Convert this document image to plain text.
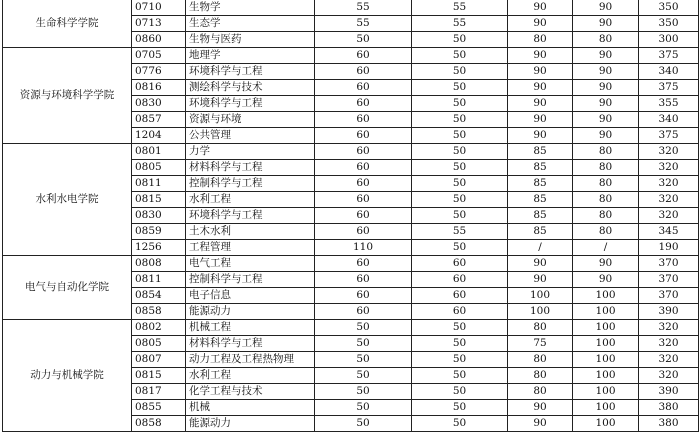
生命科学学院	0710	生物学	55	55	90	90	350
	0713	生态学	55	55	90	90	350
	0860	生物与医药	50	50	80	80	300
资源与环境科学学院	0705	地理学	60	50	90	90	375
	0776	环境科学与工程	60	50	90	90	340
	0816	测绘科学与技术	60	50	90	90	375
	0830	环境科学与工程	60	50	90	90	355
	0857	资源与环境	60	50	90	90	340
	1204	公共管理	60	50	90	90	375
水利水电学院	0801	力学	60	50	85	80	320
	0805	材料科学与工程	60	50	85	80	320
	0811	控制科学与工程	60	50	85	80	320
	0815	水利工程	60	50	85	80	320
	0830	环境科学与工程	60	50	85	80	320
	0859	土木水利	60	55	85	80	345
	1256	工程管理	110	50	/	/	190
电气与自动化学院	0808	电气工程	60	60	90	90	370
	0811	控制科学与工程	60	60	90	90	370
	0854	电子信息	60	60	100	100	370
	0858	能源动力	60	60	100	100	390
动力与机械学院	0802	机械工程	50	50	80	100	320
	0805	材料科学与工程	50	50	75	100	320
	0807	动力工程及工程热物理	50	50	80	100	320
	0815	水利工程	50	50	80	100	320
	0817	化学工程与技术	50	50	80	100	390
	0855	机械	50	50	90	100	380
	0858	能源动力	50	50	90	100	380
